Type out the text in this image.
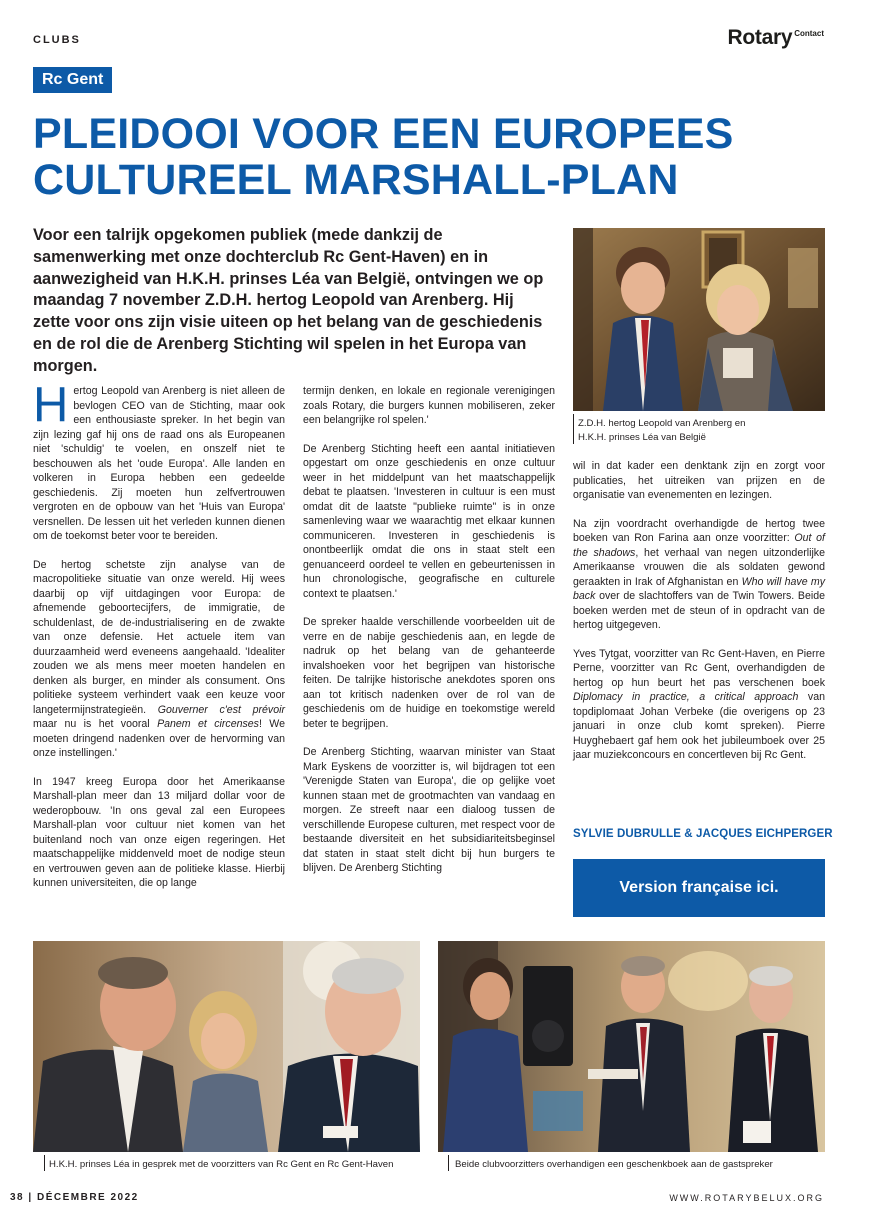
CLUBS	Rotary Contact
Rc Gent
PLEIDOOI VOOR EEN EUROPEES
CULTUREEL MARSHALL-PLAN
Voor een talrijk opgekomen publiek (mede dankzij de samenwerking met onze dochterclub Rc Gent-Haven) en in aanwezigheid van H.K.H. prinses Léa van België, ontvingen we op maandag 7 november Z.D.H. hertog Leopold van Arenberg. Hij zette voor ons zijn visie uiteen op het belang van de geschiedenis en de rol die de Arenberg Stichting wil spelen in het Europa van morgen.
Z.D.H. hertog Leopold van Arenberg en
H.K.H. prinses Léa van België

Hertog Leopold van Arenberg is niet alleen de bevlogen CEO van de Stichting, maar ook een enthousiaste spreker. In het begin van zijn lezing gaf hij ons de raad ons als Europeanen niet 'schuldig' te voelen, en onszelf niet te beschouwen als het 'oude Europa'. Alle landen en volkeren in Europa hebben een gedeelde geschiedenis. Zij moeten hun zelfvertrouwen vergroten en de opbouw van het 'Huis van Europa' versnellen. De lessen uit het verleden kunnen dienen om de toekomst beter voor te bereiden.

De hertog schetste zijn analyse van de macropolitieke situatie van onze wereld. Hij wees daarbij op vijf uitdagingen voor Europa: de afnemende geboortecijfers, de immigratie, de schuldenlast, de de-industrialisering en de zwakte van onze defensie. Het actuele item van duurzaamheid werd eveneens aangehaald. 'Idealiter zouden we als mens meer moeten handelen en denken als burger, en minder als consument. Ons politieke systeem verhindert vaak een keuze voor langetermijnstrategieën. Gouverner c'est prévoir maar nu is het vooral Panem et circenses! We moeten dringend nadenken over de hervorming van onze instellingen.'

In 1947 kreeg Europa door het Amerikaanse Marshall-plan meer dan 13 miljard dollar voor de wederopbouw. 'In ons geval zal een Europees Marshall-plan voor cultuur niet komen van het buitenland noch van onze eigen regeringen. Het maatschappelijke middenveld moet de nodige steun en vertrouwen geven aan de politieke klasse. Hierbij kunnen universiteiten, die op lange

termijn denken, en lokale en regionale verenigingen zoals Rotary, die burgers kunnen mobiliseren, zeker een belangrijke rol spelen.'

De Arenberg Stichting heeft een aantal initiatieven opgestart om onze geschiedenis en onze cultuur weer in het middelpunt van het maatschappelijk debat te plaatsen. 'Investeren in cultuur is een must omdat dit de laatste "publieke ruimte" is in onze samenleving waar we waarachtig met elkaar kunnen communiceren. Investeren in geschiedenis is onontbeerlijk omdat die ons in staat stelt een genuanceerd oordeel te vellen en gebeurtenissen in hun chronologische, geografische en culturele context te plaatsen.'

De spreker haalde verschillende voorbeelden uit de verre en de nabije geschiedenis aan, en legde de nadruk op het belang van de gehanteerde invalshoeken voor het begrijpen van historische feiten. De talrijke historische anekdotes sporen ons aan tot kritisch nadenken over de rol van de geschiedenis om de huidige en toekomstige wereld beter te begrijpen.

De Arenberg Stichting, waarvan minister van Staat Mark Eyskens de voorzitter is, wil bijdragen tot een 'Verenigde Staten van Europa', die op gelijke voet kunnen staan met de grootmachten van vandaag en morgen. Ze streeft naar een dialoog tussen de verschillende Europese culturen, met respect voor de bestaande diversiteit en het subsidiariteitsbeginsel dat staten in staat stelt dicht bij hun burgers te blijven. De Arenberg Stichting

wil in dat kader een denktank zijn en zorgt voor publicaties, het uitreiken van prijzen en de organisatie van evenementen en lezingen.

Na zijn voordracht overhandigde de hertog twee boeken van Ron Farina aan onze voorzitter: Out of the shadows, het verhaal van negen uitzonderlijke Amerikaanse vrouwen die als soldaten gewond geraakten in Irak of Afghanistan en Who will have my back over de slachtoffers van de Twin Towers. Beide boeken werden met de steun of in opdracht van de hertog uitgegeven.

Yves Tytgat, voorzitter van Rc Gent-Haven, en Pierre Perne, voorzitter van Rc Gent, overhandigden de hertog op hun beurt het pas verschenen boek Diplomacy in practice, a critical approach van topdiplomaat Johan Verbeke (die overigens op 23 januari in onze club komt spreken). Pierre Huyghebaert gaf hem ook het jubileumboek over 25 jaar muziekconcours en concertleven bij Rc Gent.

SYLVIE DUBRULLE & JACQUES EICHPERGER
Version française ici.
H.K.H. prinses Léa in gesprek met de voorzitters van Rc Gent en Rc Gent-Haven	Beide clubvoorzitters overhandigen een geschenkboek aan de gastspreker
38 | DÉCEMBRE 2022	WWW.ROTARYBELUX.ORG
